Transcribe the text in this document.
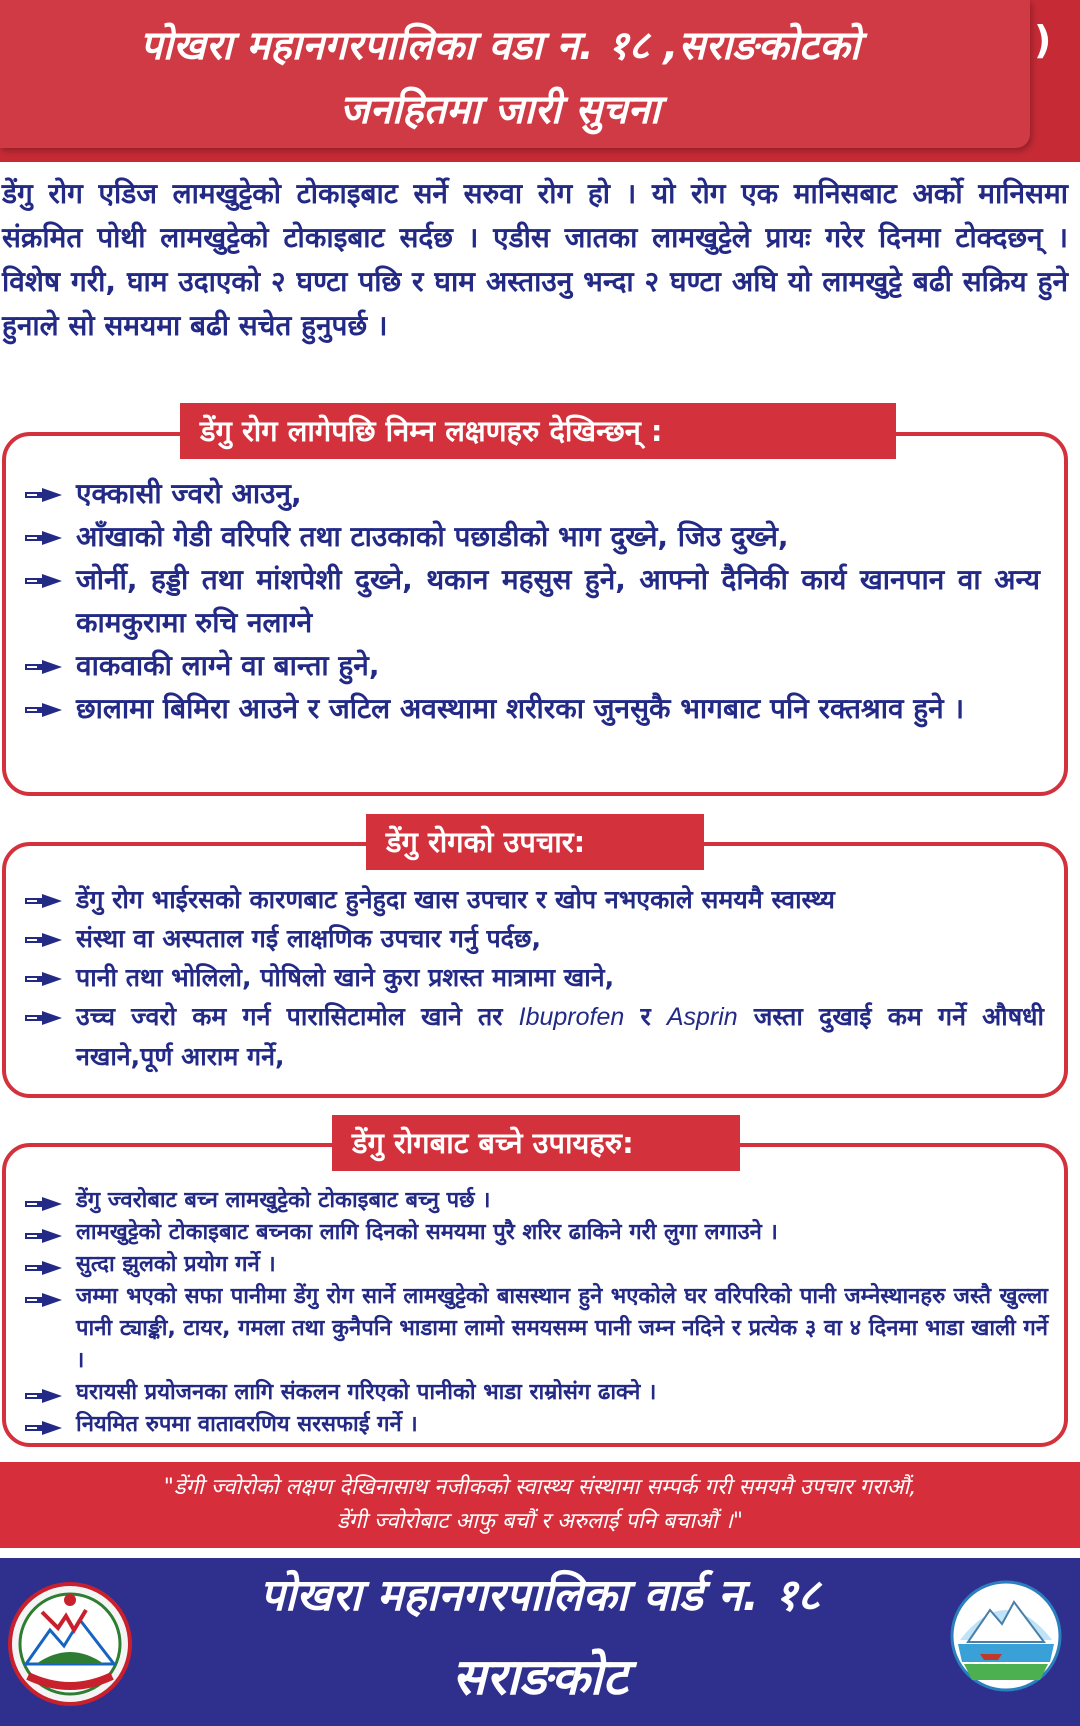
पोखरा महानगरपालिका वडा न. १८ ,सराङकोटको
जनहितमा जारी सुचना
)

डेंगु रोग एडिज लामखुट्टेको टोकाइबाट सर्ने सरुवा रोग हो । यो रोग एक मानिसबाट अर्को मानिसमा संक्रमित पोथी लामखुट्टेको टोकाइबाट सर्दछ । एडीस जातका लामखुट्टेले प्रायः गरेर दिनमा टोक्दछन् । विशेष गरी, घाम उदाएको २ घण्टा पछि र घाम अस्ताउनु भन्दा २ घण्टा अघि यो लामखुट्टे बढी सक्रिय हुने हुनाले सो समयमा बढी सचेत हुनुपर्छ ।

एक्कासी ज्वरो आउनु,
आँखाको गेडी वरिपरि तथा टाउकाको पछाडीको भाग दुख्ने, जिउ दुख्ने,
जोर्नी, हड्डी तथा मांशपेशी दुख्ने, थकान महसुस हुने, आफ्नो दैनिकी कार्य खानपान वा अन्य कामकुरामा रुचि नलाग्ने
वाकवाकी लाग्ने वा बान्ता हुने,
छालामा बिमिरा आउने र जटिल अवस्थामा शरीरका जुनसुकै भागबाट पनि रक्तश्राव हुने ।
डेंगु रोग लागेपछि निम्न लक्षणहरु देखिन्छन् :
डेंगु रोग भाईरसको कारणबाट हुनेहुदा खास उपचार र खोप नभएकाले समयमै स्वास्थ्य
संस्था वा अस्पताल गई लाक्षणिक उपचार गर्नु पर्दछ,
पानी तथा भोलिलो, पोषिलो खाने कुरा प्रशस्त मात्रामा खाने,
उच्च ज्वरो कम गर्न पारासिटामोल खाने तर Ibuprofen र Asprin जस्ता दुखाई कम गर्ने औषधी नखाने,पूर्ण आराम गर्ने,
डेंगु रोगको उपचार:
डेंगु ज्वरोबाट बच्न लामखुट्टेको टोकाइबाट बच्नु पर्छ ।
लामखुट्टेको टोकाइबाट बच्नका लागि दिनको समयमा पुरै शरिर ढाकिने गरी लुगा लगाउने ।
सुत्दा झुलको प्रयोग गर्ने ।
जम्मा भएको सफा पानीमा डेंगु रोग सार्ने लामखुट्टेको बासस्थान हुने भएकोले घर वरिपरिको पानी जम्नेस्थानहरु जस्तै खुल्ला पानी ट्याङ्की, टायर, गमला तथा कुनैपनि भाडामा लामो समयसम्म पानी जम्न नदिने र प्रत्येक ३ वा ४ दिनमा भाडा खाली गर्ने ।
घरायसी प्रयोजनका लागि संकलन गरिएको पानीको भाडा राम्रोसंग ढाक्ने ।
नियमित रुपमा वातावरणिय सरसफाई गर्ने ।
डेंगु रोगबाट बच्ने उपायहरु:

"डेंगी ज्वोरोको लक्षण देखिनासाथ नजीकको स्वास्थ्य संस्थामा सम्पर्क गरी समयमै उपचार गराऔं,

डेंगी ज्वोरोबाट आफु बचौं र अरुलाई पनि बचाऔं ।"

पोखरा महानगरपालिका वार्ड न. १८
सराङकोट
